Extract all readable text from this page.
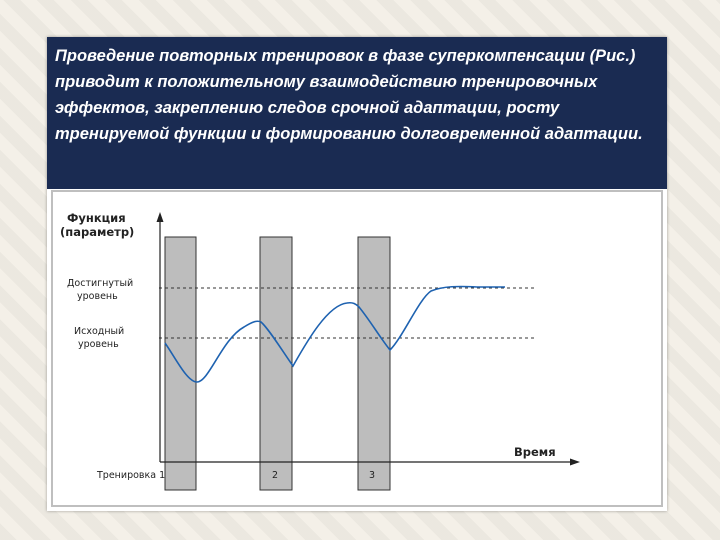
Проведение повторных тренировок в фазе суперкомпенсации (Рис.) приводит к положительному взаимодействию тренировочных эффектов, закреплению следов срочной адаптации, росту тренируемой функции и формированию долговременной адаптации.
Функция
(параметр)
Достигнутый
уровень
Исходный
уровень
Время
Тренировка 1	2	3
